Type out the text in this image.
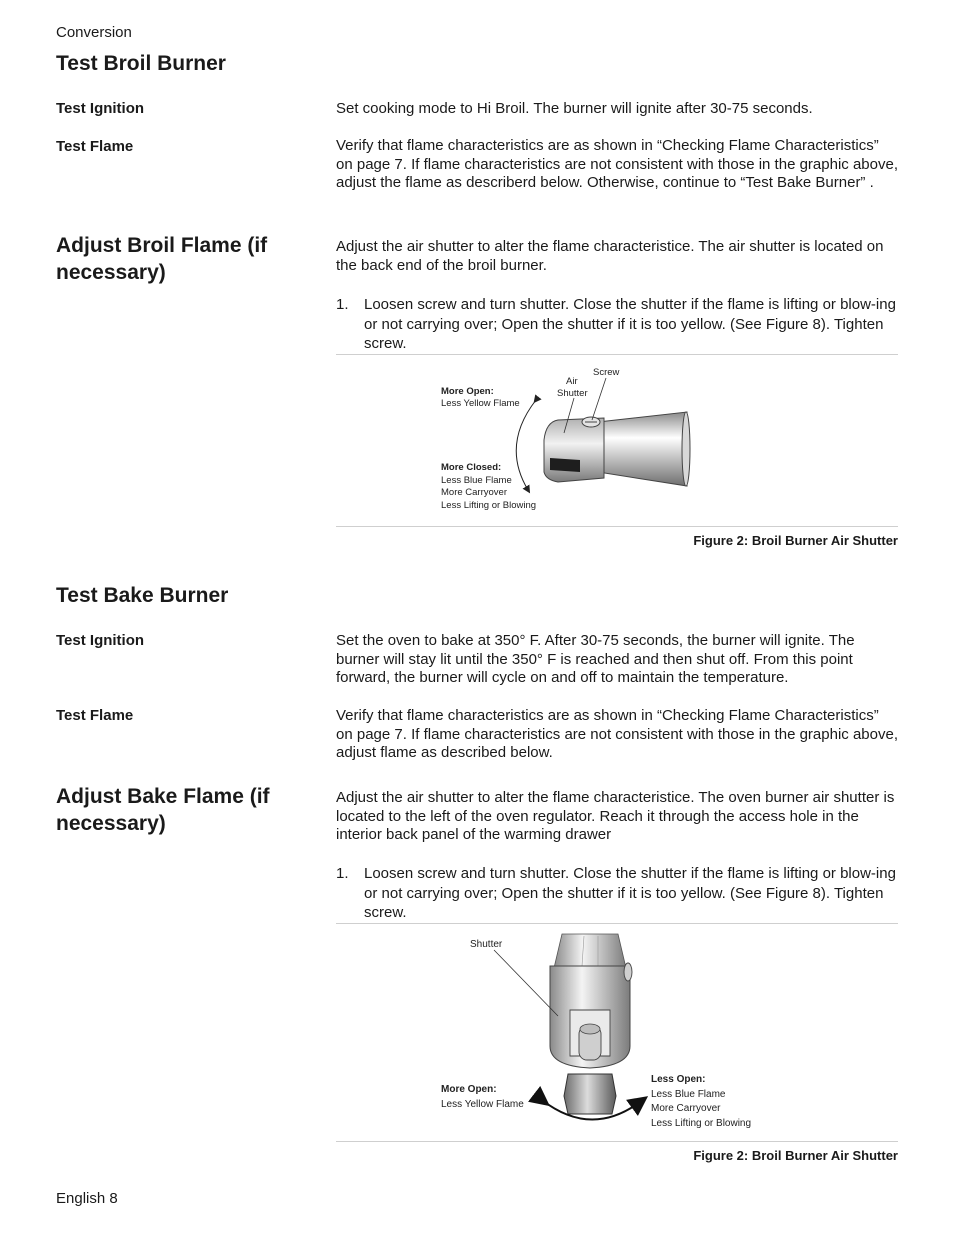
Conversion
Test Broil Burner
Test Ignition	Set cooking mode to Hi Broil. The burner will ignite after 30-75 seconds.
Test Flame	Verify that flame characteristics are as shown in “Checking Flame Characteristics” on page 7. If flame characteristics are not consistent with those in the graphic above, adjust the flame as describerd below. Otherwise, continue to “Test Bake Burner” .
Adjust Broil Flame (if necessary)
Adjust the air shutter to alter the flame characteristice. The air shutter is located on the back end of the broil burner.
1. Loosen screw and turn shutter. Close the shutter if the flame is lifting or blow-ing or not carrying over; Open the shutter if it is too yellow. (See Figure 8). Tighten screw.
More Open:
Less Yellow Flame
Air
Shutter
Screw
More Closed:
Less Blue Flame
More Carryover
Less Lifting or Blowing
Figure 2: Broil Burner Air Shutter
Test Bake Burner
Test Ignition	Set the oven to bake at 350° F. After 30-75 seconds, the burner will ignite. The burner will stay lit until the 350° F is reached and then shut off. From this point forward, the burner will cycle on and off to maintain the temperature.
Test Flame	Verify that flame characteristics are as shown in “Checking Flame Characteristics” on page 7. If flame characteristics are not consistent with those in the graphic above, adjust flame as described below.
Adjust Bake Flame (if necessary)
Adjust the air shutter to alter the flame characteristice. The oven burner air shutter is located to the left of the oven regulator. Reach it through the access hole in the interior back panel of the warming drawer
1. Loosen screw and turn shutter. Close the shutter if the flame is lifting or blow-ing or not carrying over; Open the shutter if it is too yellow. (See Figure 8). Tighten screw.
Shutter
More Open:
Less Yellow Flame
Less Open:
Less Blue Flame
More Carryover
Less Lifting or Blowing
Figure 2: Broil Burner Air Shutter
English 8
